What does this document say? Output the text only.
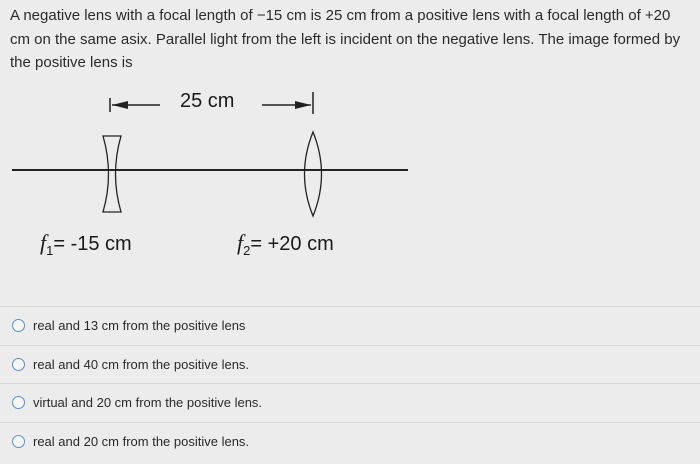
A negative lens with a focal length of −15 cm is 25 cm from a positive lens with a focal length of +20 cm on the same asix. Parallel light from the left is incident on the negative lens. The image formed by the positive lens is
25 cm
$f_1= -15$ cm	$f_2= +20$ cm
real and 13 cm from the positive lens
real and 40 cm from the positive lens.
virtual and 20 cm from the positive lens.
real and 20 cm from the positive lens.
